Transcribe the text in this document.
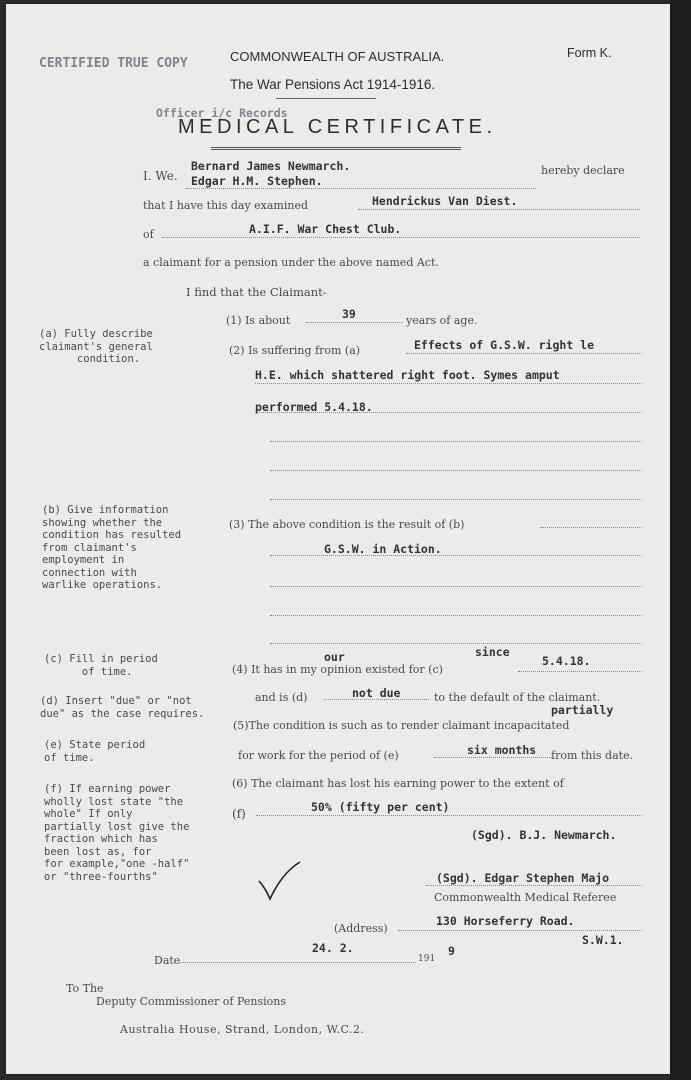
CERTIFIED TRUE COPY
Officer i/c Records
COMMONWEALTH OF AUSTRALIA.	Form K.
The War Pensions Act 1914-1916.
MEDICAL CERTIFICATE.
I. We.
Bernard James Newmarch.
Edgar H.M. Stephen.
hereby declare
that I have this day examined	Hendrickus Van Diest.
of	A.I.F. War Chest Club.
a claimant for a pension under the above named Act.
I find that the Claimant-
(1) Is about	39	years of age.
(2) Is suffering from (a)	Effects of G.S.W. right le
H.E. which shattered right foot. Symes amput
performed 5.4.18.
(3) The above condition is the result of (b)
G.S.W. in Action.
our	since
(4) It has in my opinion existed for (c)
5.4.18.
and is (d)	not due	to the default of the claimant.
partially
(5)The condition is such as to render claimant incapacitated
for work for the period of (e)	six months from this date.
(6) The claimant has lost his earning power to the extent of
(f)	50% (fifty per cent)
(Sgd). B.J. Newmarch.
(Sgd). Edgar Stephen Majo
Commonwealth Medical Referee
(Address)
130 Horseferry Road.
S.W.1.
Date
24. 2.
191
9
To The
Deputy Commissioner of Pensions
Australia House, Strand, London, W.C.2.
(a) Fully describe
claimant's general
condition.
(b) Give information
showing whether the
condition has resulted
from claimant's
employment in
connection with
warlike operations.
(c) Fill in period
of time.
(d) Insert "due" or "not
due" as the case requires.
(e) State period
of time.
(f) If earning power
wholly lost state "the
whole" If only
partially lost give the
fraction which has
been lost as, for
for example,"one -half"
or "three-fourths"
